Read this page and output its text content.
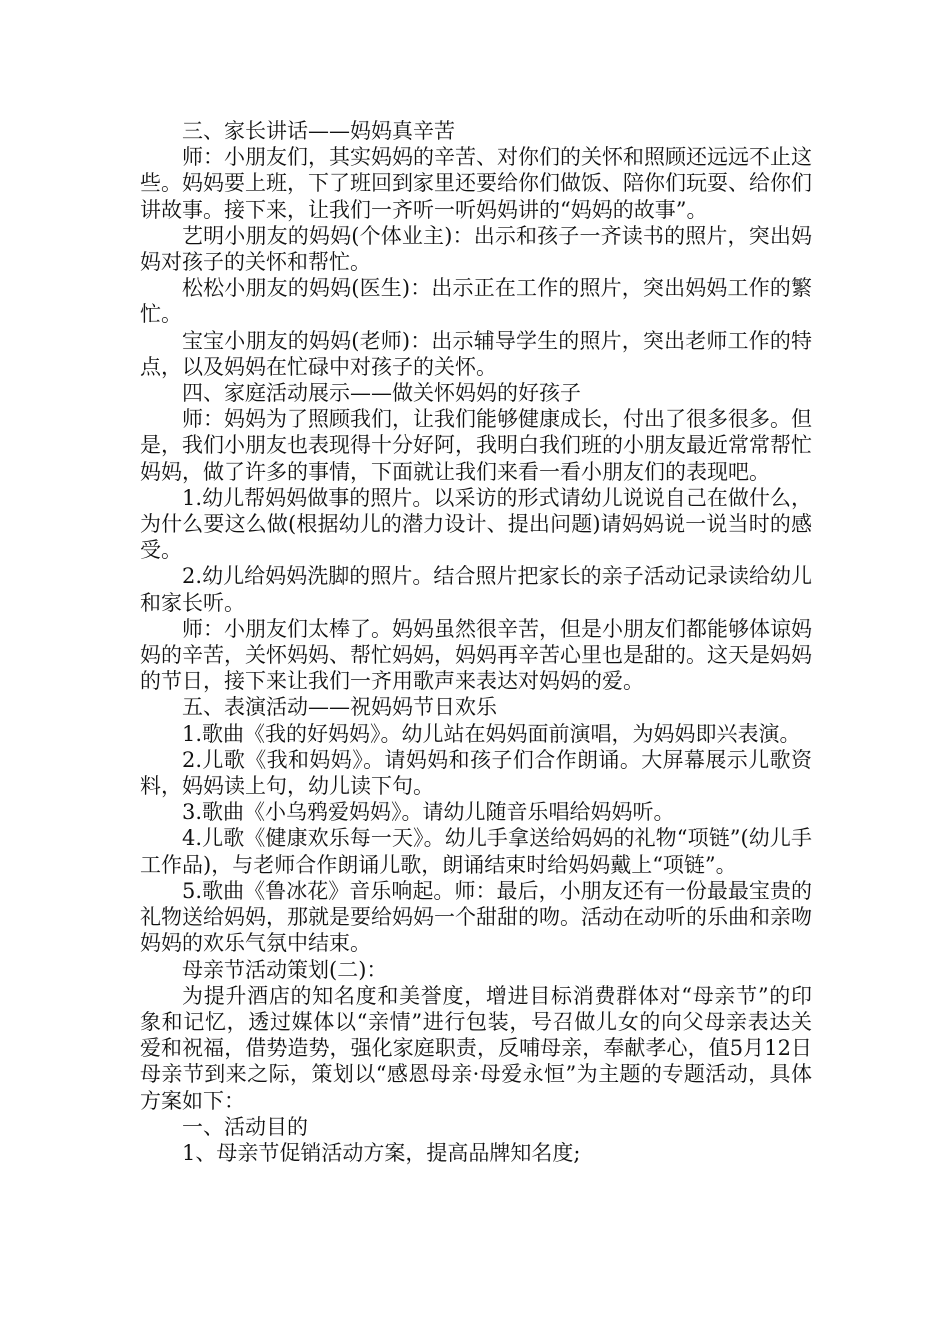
三、家长讲话——妈妈真辛苦

师：小朋友们，其实妈妈的辛苦、对你们的关怀和照顾还远远不止这些。妈妈要上班，下了班回到家里还要给你们做饭、陪你们玩耍、给你们讲故事。接下来，让我们一齐听一听妈妈讲的“妈妈的故事”。

艺明小朋友的妈妈(个体业主)：出示和孩子一齐读书的照片，突出妈妈对孩子的关怀和帮忙。

松松小朋友的妈妈(医生)：出示正在工作的照片，突出妈妈工作的繁忙。

宝宝小朋友的妈妈(老师)：出示辅导学生的照片，突出老师工作的特点，以及妈妈在忙碌中对孩子的关怀。

四、家庭活动展示——做关怀妈妈的好孩子

师：妈妈为了照顾我们，让我们能够健康成长，付出了很多很多。但是，我们小朋友也表现得十分好阿，我明白我们班的小朋友最近常常帮忙妈妈，做了许多的事情，下面就让我们来看一看小朋友们的表现吧。

1.幼儿帮妈妈做事的照片。以采访的形式请幼儿说说自己在做什么，为什么要这么做(根据幼儿的潜力设计、提出问题)请妈妈说一说当时的感受。

2.幼儿给妈妈洗脚的照片。结合照片把家长的亲子活动记录读给幼儿和家长听。

师：小朋友们太棒了。妈妈虽然很辛苦，但是小朋友们都能够体谅妈妈的辛苦，关怀妈妈、帮忙妈妈，妈妈再辛苦心里也是甜的。这天是妈妈的节日，接下来让我们一齐用歌声来表达对妈妈的爱。

五、表演活动——祝妈妈节日欢乐

1.歌曲《我的好妈妈》。幼儿站在妈妈面前演唱，为妈妈即兴表演。

2.儿歌《我和妈妈》。请妈妈和孩子们合作朗诵。大屏幕展示儿歌资料，妈妈读上句，幼儿读下句。

3.歌曲《小乌鸦爱妈妈》。请幼儿随音乐唱给妈妈听。

4.儿歌《健康欢乐每一天》。幼儿手拿送给妈妈的礼物“项链”(幼儿手工作品)，与老师合作朗诵儿歌，朗诵结束时给妈妈戴上“项链”。

5.歌曲《鲁冰花》音乐响起。师：最后，小朋友还有一份最最宝贵的礼物送给妈妈，那就是要给妈妈一个甜甜的吻。活动在动听的乐曲和亲吻妈妈的欢乐气氛中结束。

母亲节活动策划(二)：

为提升酒店的知名度和美誉度，增进目标消费群体对“母亲节”的印象和记忆，透过媒体以“亲情”进行包装，号召做儿女的向父母亲表达关爱和祝福，借势造势，强化家庭职责，反哺母亲，奉献孝心，值5月12日母亲节到来之际，策划以“感恩母亲·母爱永恒”为主题的专题活动，具体方案如下：

一、活动目的

1、母亲节促销活动方案，提高品牌知名度;
